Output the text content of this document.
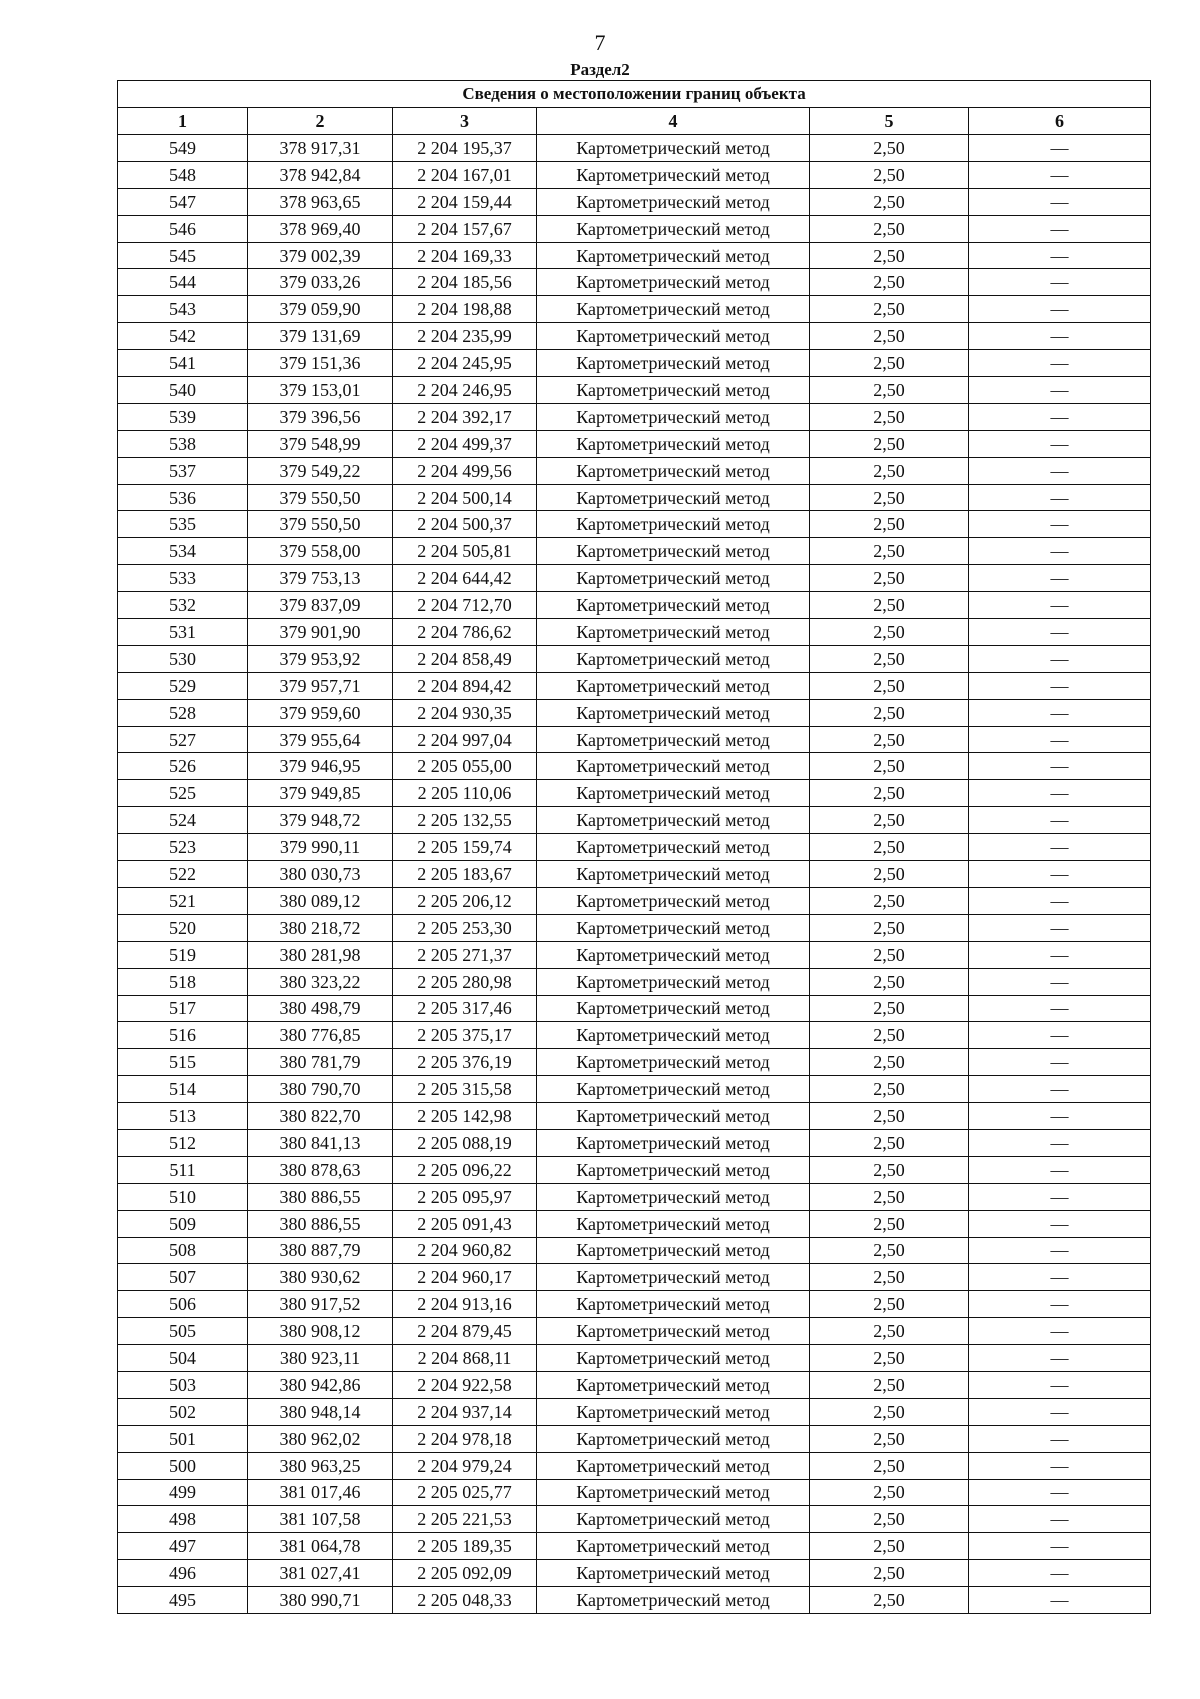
7
Раздел2
Сведения о местоположении границ объекта					
1	2	3	4	5	6
549	378 917,31	2 204 195,37	Картометрический метод	2,50	—
548	378 942,84	2 204 167,01	Картометрический метод	2,50	—
547	378 963,65	2 204 159,44	Картометрический метод	2,50	—
546	378 969,40	2 204 157,67	Картометрический метод	2,50	—
545	379 002,39	2 204 169,33	Картометрический метод	2,50	—
544	379 033,26	2 204 185,56	Картометрический метод	2,50	—
543	379 059,90	2 204 198,88	Картометрический метод	2,50	—
542	379 131,69	2 204 235,99	Картометрический метод	2,50	—
541	379 151,36	2 204 245,95	Картометрический метод	2,50	—
540	379 153,01	2 204 246,95	Картометрический метод	2,50	—
539	379 396,56	2 204 392,17	Картометрический метод	2,50	—
538	379 548,99	2 204 499,37	Картометрический метод	2,50	—
537	379 549,22	2 204 499,56	Картометрический метод	2,50	—
536	379 550,50	2 204 500,14	Картометрический метод	2,50	—
535	379 550,50	2 204 500,37	Картометрический метод	2,50	—
534	379 558,00	2 204 505,81	Картометрический метод	2,50	—
533	379 753,13	2 204 644,42	Картометрический метод	2,50	—
532	379 837,09	2 204 712,70	Картометрический метод	2,50	—
531	379 901,90	2 204 786,62	Картометрический метод	2,50	—
530	379 953,92	2 204 858,49	Картометрический метод	2,50	—
529	379 957,71	2 204 894,42	Картометрический метод	2,50	—
528	379 959,60	2 204 930,35	Картометрический метод	2,50	—
527	379 955,64	2 204 997,04	Картометрический метод	2,50	—
526	379 946,95	2 205 055,00	Картометрический метод	2,50	—
525	379 949,85	2 205 110,06	Картометрический метод	2,50	—
524	379 948,72	2 205 132,55	Картометрический метод	2,50	—
523	379 990,11	2 205 159,74	Картометрический метод	2,50	—
522	380 030,73	2 205 183,67	Картометрический метод	2,50	—
521	380 089,12	2 205 206,12	Картометрический метод	2,50	—
520	380 218,72	2 205 253,30	Картометрический метод	2,50	—
519	380 281,98	2 205 271,37	Картометрический метод	2,50	—
518	380 323,22	2 205 280,98	Картометрический метод	2,50	—
517	380 498,79	2 205 317,46	Картометрический метод	2,50	—
516	380 776,85	2 205 375,17	Картометрический метод	2,50	—
515	380 781,79	2 205 376,19	Картометрический метод	2,50	—
514	380 790,70	2 205 315,58	Картометрический метод	2,50	—
513	380 822,70	2 205 142,98	Картометрический метод	2,50	—
512	380 841,13	2 205 088,19	Картометрический метод	2,50	—
511	380 878,63	2 205 096,22	Картометрический метод	2,50	—
510	380 886,55	2 205 095,97	Картометрический метод	2,50	—
509	380 886,55	2 205 091,43	Картометрический метод	2,50	—
508	380 887,79	2 204 960,82	Картометрический метод	2,50	—
507	380 930,62	2 204 960,17	Картометрический метод	2,50	—
506	380 917,52	2 204 913,16	Картометрический метод	2,50	—
505	380 908,12	2 204 879,45	Картометрический метод	2,50	—
504	380 923,11	2 204 868,11	Картометрический метод	2,50	—
503	380 942,86	2 204 922,58	Картометрический метод	2,50	—
502	380 948,14	2 204 937,14	Картометрический метод	2,50	—
501	380 962,02	2 204 978,18	Картометрический метод	2,50	—
500	380 963,25	2 204 979,24	Картометрический метод	2,50	—
499	381 017,46	2 205 025,77	Картометрический метод	2,50	—
498	381 107,58	2 205 221,53	Картометрический метод	2,50	—
497	381 064,78	2 205 189,35	Картометрический метод	2,50	—
496	381 027,41	2 205 092,09	Картометрический метод	2,50	—
495	380 990,71	2 205 048,33	Картометрический метод	2,50	—
